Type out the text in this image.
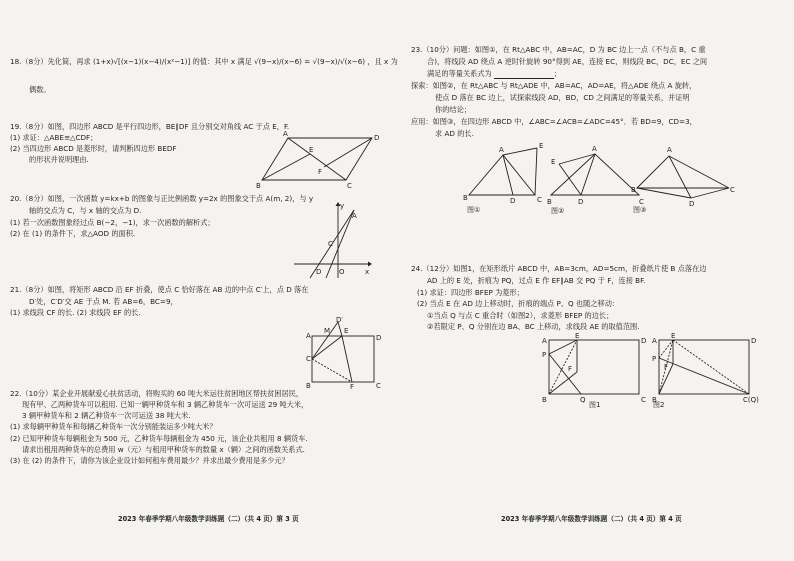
18.（8分）先化简，再求 (1+x)√[(x−1)(x−4)/(x²−1)] 的值：其中 x 满足 √(9−x)/(x−6) = √(9−x)/√(x−6) ，且 x 为
偶数。
19.（8分）如图，四边形 ABCD 是平行四边形，BE∥DF 且分别交对角线 AC 于点 E，F.
(1) 求证：△ABE≌△CDF；
(2) 当四边形 ABCD 是菱形时，请判断四边形 BEDF
的形状并说明理由.
A	D
B	C
E
F
20.（8分）如图，一次函数 y=kx+b 的图象与正比例函数 y=2x 的图象交于点 A(m, 2)，与 y
轴的交点为 C，与 x 轴的交点为 D.
(1) 若一次函数图象经过点 B(−2，−1)，求一次函数的解析式；
(2) 在 (1) 的条件下，求△AOD 的面积.
y
x
A
C
D	O
21.（8分）如图，将矩形 ABCD 沿 EF 折叠，使点 C 恰好落在 AB 边的中点 C′上，点 D 落在
D′处，C′D′交 AE 于点 M. 若 AB=6，BC=9，
(1) 求线段 CF 的长. (2) 求线段 EF 的长.
A
C′
B	C
D
E
F
M
D′
22.（10分）某企业开展献爱心扶贫活动，将购买的 60 吨大米运往贫困地区帮扶贫困居民，
现有甲、乙两种货车可以租用. 已知一辆甲种货车和 3 辆乙种货车一次可运送 29 吨大米，
3 辆甲种货车和 2 辆乙种货车一次可运送 38 吨大米.
(1) 求每辆甲种货车和每辆乙种货车一次分别能装运多少吨大米？
(2) 已知甲种货车每辆租金为 500 元，乙种货车每辆租金为 450 元，该企业共租用 8 辆货车.
请求出租用两种货车的总费用 w（元）与租用甲种货车的数量 x（辆）之间的函数关系式.
(3) 在 (2) 的条件下，请你为该企业设计如何租车费用最少？并求出最少费用是多少元？
2023 年春季学期八年级数学训练题（二）（共 4 页）第 3 页
23.（10分）问题：如图①，在 Rt△ABC 中，AB=AC，D 为 BC 边上一点（不与点 B，C 重
合)，将线段 AD 绕点 A 逆时针旋转 90°得到 AE，连接 EC，则线段 BC，DC，EC 之间
满足的等量关系式为	；
探索：如图②，在 Rt△ABC 与 Rt△ADE 中，AB=AC，AD=AE，将△ADE 绕点 A 旋转，
使点 D 落在 BC 边上，试探索线段 AD，BD，CD 之间满足的等量关系，并证明
你的结论；
应用：如图③，在四边形 ABCD 中，∠ABC=∠ACB=∠ADC=45°．若 BD=9，CD=3，
求 AD 的长.
A	E
B	D	C
图①
A
E
B	D	C
图②
A
B	C
D
图③
24.（12分）如图1，在矩形纸片 ABCD 中，AB=3cm，AD=5cm，折叠纸片使 B 点落在边
AD 上的 E 处，折痕为 PQ，过点 E 作 EF∥AB 交 PQ 于 F，连接 BF.
(1) 求证：四边形 BFEP 为菱形；
(2) 当点 E 在 AD 边上移动时，折痕的端点 P、Q 也随之移动：
①当点 Q 与点 C 重合时（如图2），求菱形 BFEP 的边长；
②若限定 P、Q 分别在边 BA、BC 上移动，求线段 AE 的取值范围.
A
E
D
P
F
B	Q	C
图1
A
E
D
P
F
B	C(Q)
图2
2023 年春季学期八年级数学训练题（二）（共 4 页）第 4 页
